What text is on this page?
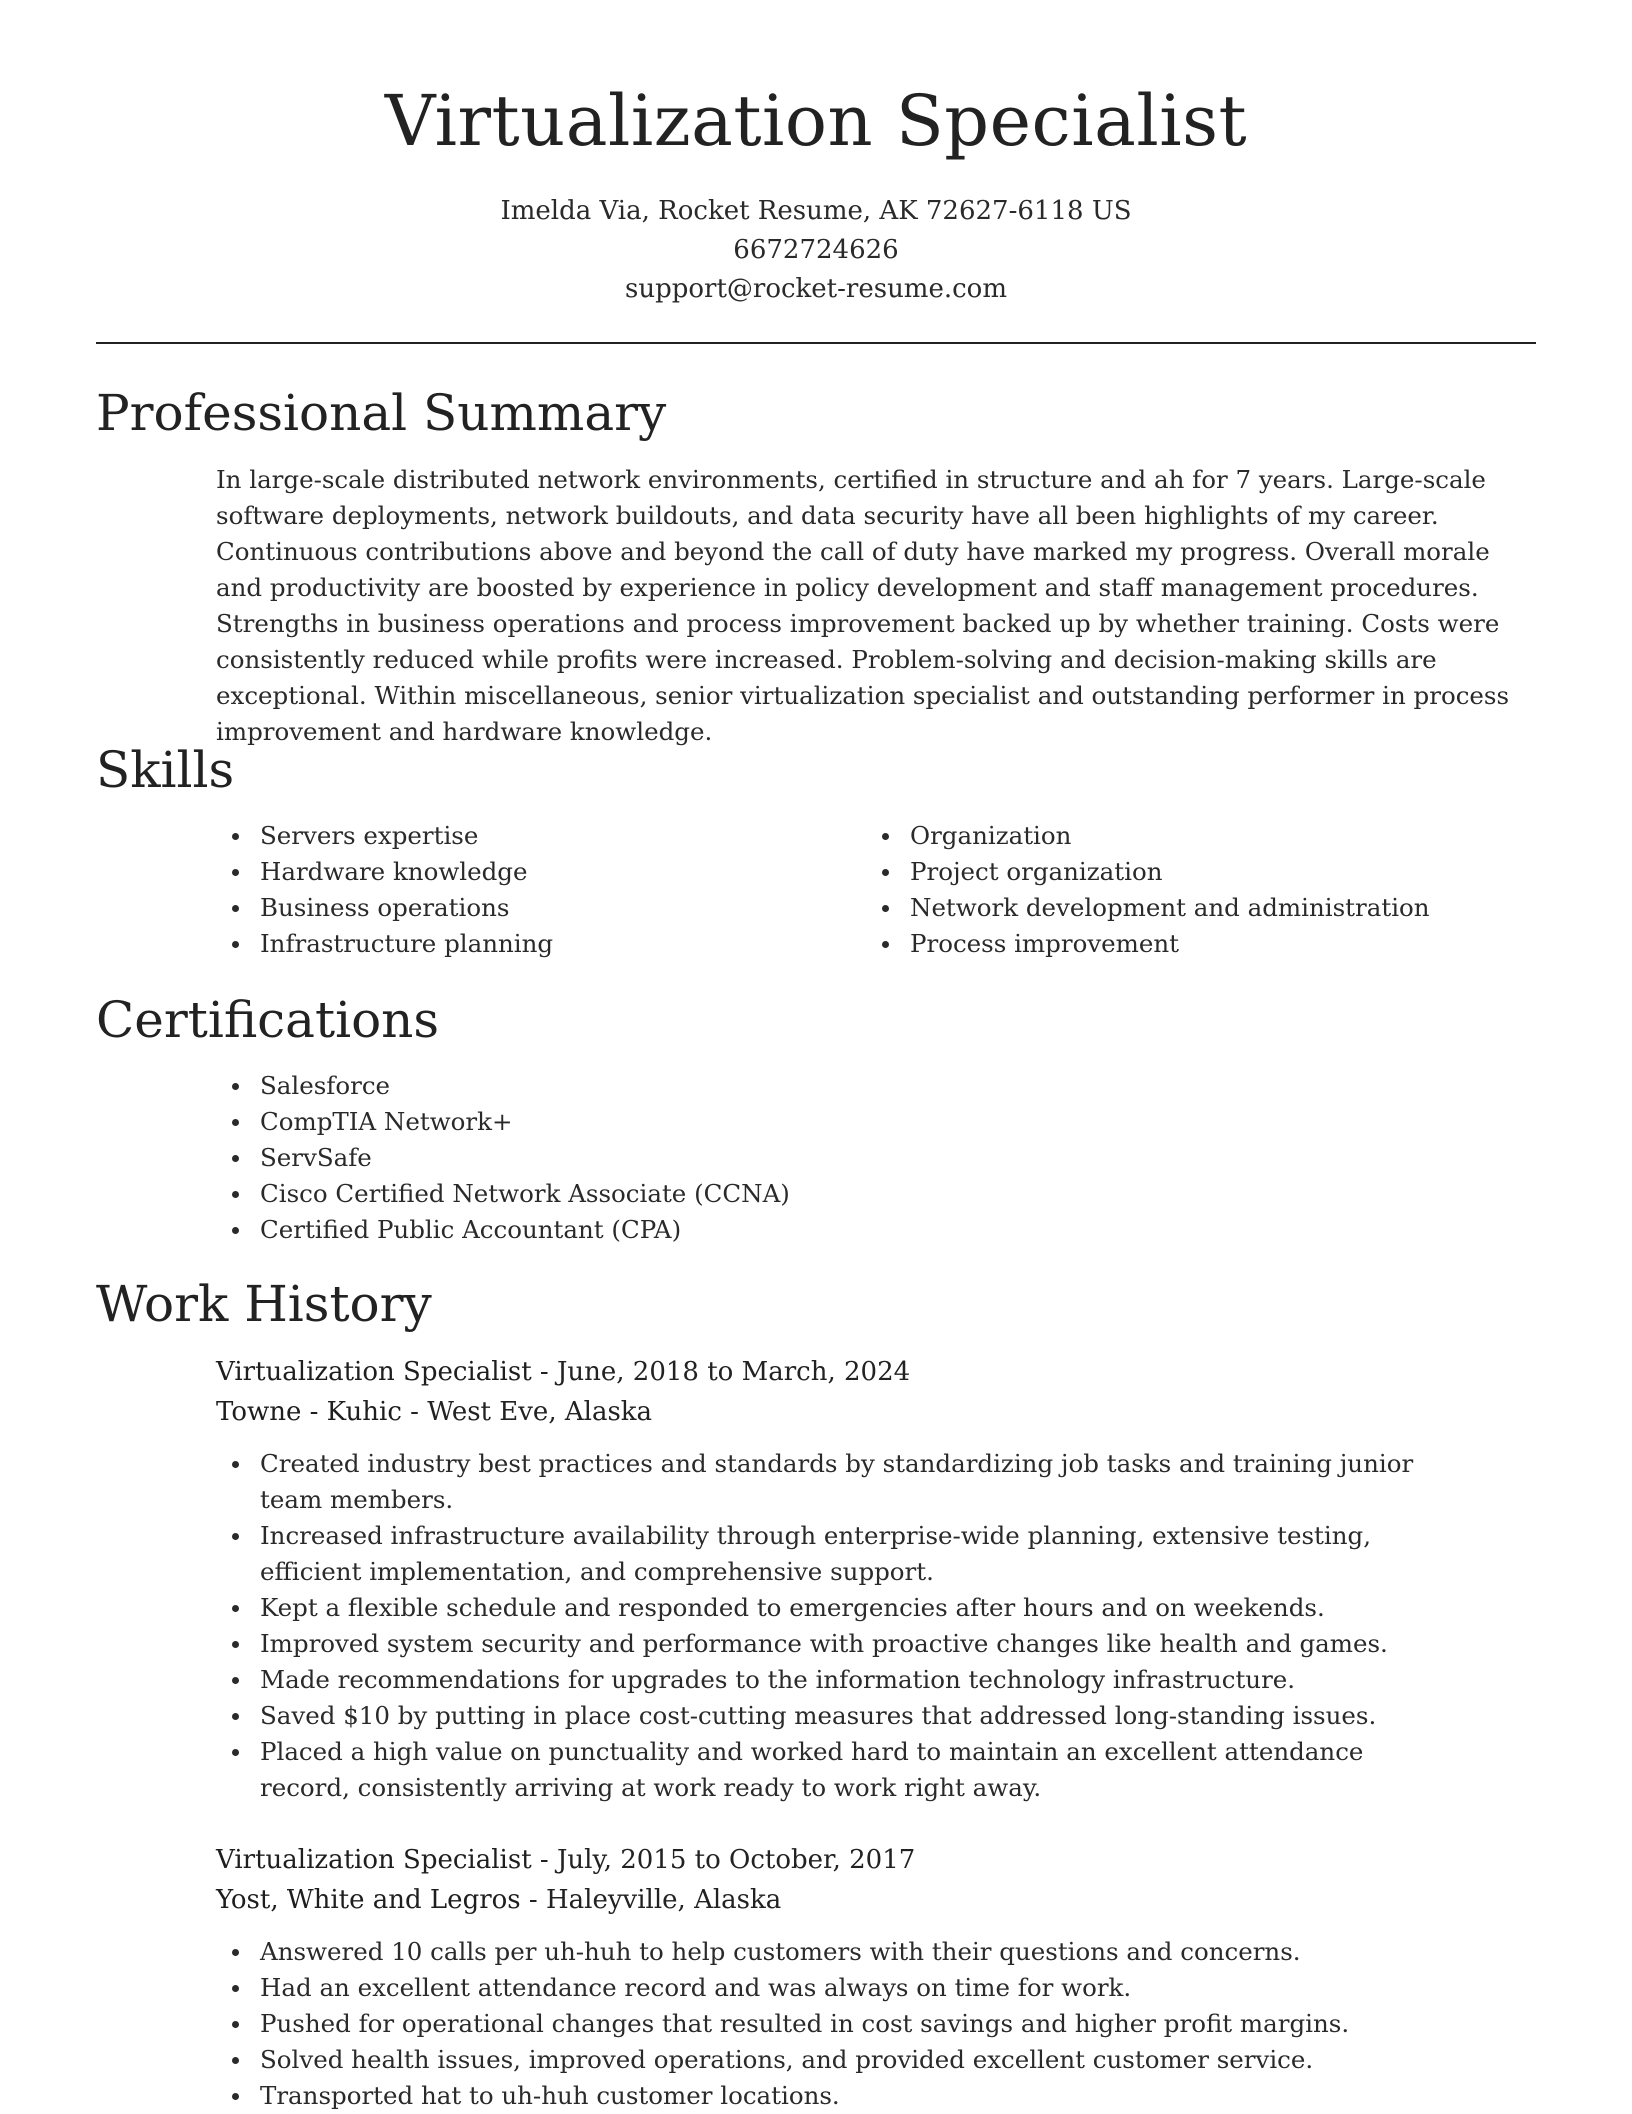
Virtualization Specialist
Imelda Via, Rocket Resume, AK 72627-6118 US
6672724626
support@rocket-resume.com
Professional Summary

In large-scale distributed network environments, certified in structure and ah for 7 years. Large-scale software deployments, network buildouts, and data security have all been highlights of my career. Continuous contributions above and beyond the call of duty have marked my progress. Overall morale and productivity are boosted by experience in policy development and staff management procedures. Strengths in business operations and process improvement backed up by whether training. Costs were consistently reduced while profits were increased. Problem-solving and decision-making skills are exceptional. Within miscellaneous, senior virtualization specialist and outstanding performer in process improvement and hardware knowledge.

Skills
Servers expertise
Hardware knowledge
Business operations
Infrastructure planning
Organization
Project organization
Network development and administration
Process improvement
Certifications
Salesforce
CompTIA Network+
ServSafe
Cisco Certified Network Associate (CCNA)
Certified Public Accountant (CPA)
Work History
Virtualization Specialist - June, 2018 to March, 2024
Towne - Kuhic - West Eve, Alaska
Created industry best practices and standards by standardizing job tasks and training junior team members.
Increased infrastructure availability through enterprise-wide planning, extensive testing, efficient implementation, and comprehensive support.
Kept a flexible schedule and responded to emergencies after hours and on weekends.
Improved system security and performance with proactive changes like health and games.
Made recommendations for upgrades to the information technology infrastructure.
Saved $10 by putting in place cost-cutting measures that addressed long-standing issues.
Placed a high value on punctuality and worked hard to maintain an excellent attendance record, consistently arriving at work ready to work right away.
Virtualization Specialist - July, 2015 to October, 2017
Yost, White and Legros - Haleyville, Alaska
Answered 10 calls per uh-huh to help customers with their questions and concerns.
Had an excellent attendance record and was always on time for work.
Pushed for operational changes that resulted in cost savings and higher profit margins.
Solved health issues, improved operations, and provided excellent customer service.
Transported hat to uh-huh customer locations.
